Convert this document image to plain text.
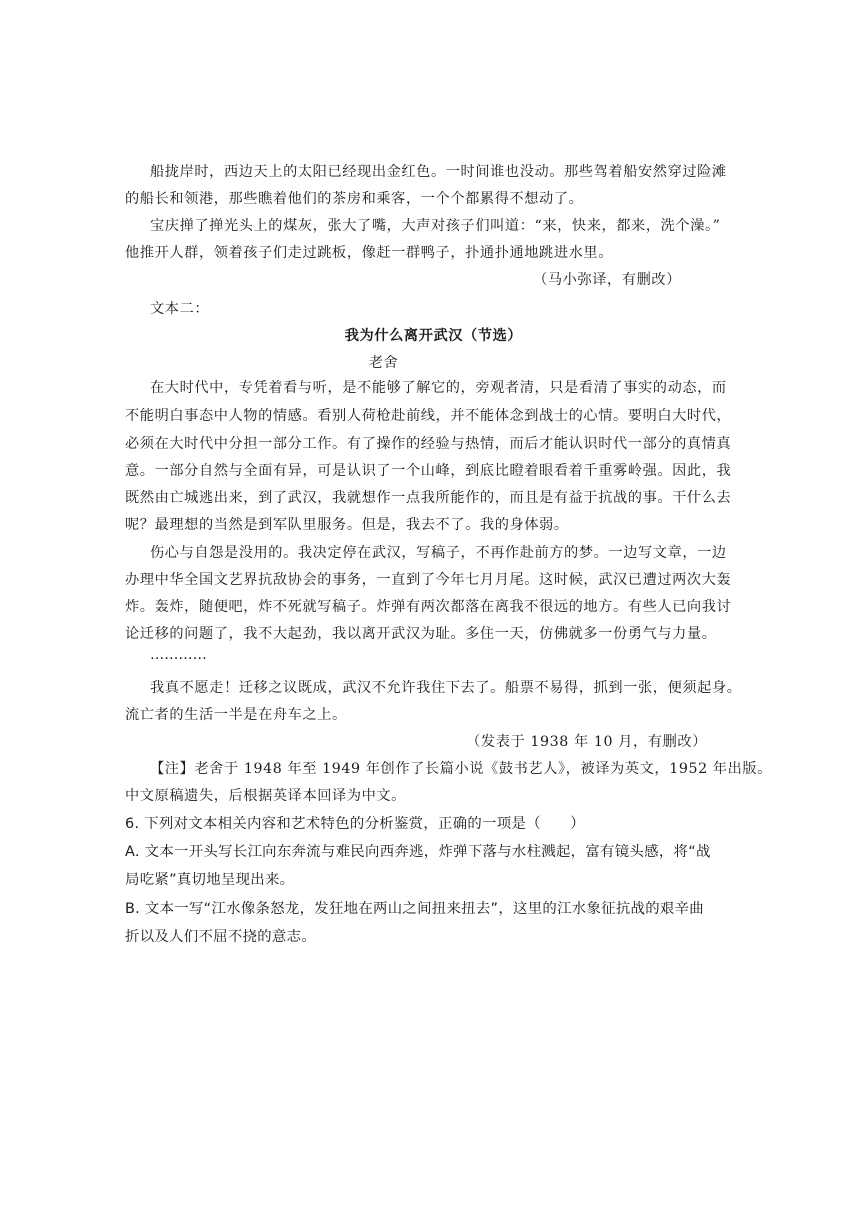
船拢岸时，西边天上的太阳已经现出金红色。一时间谁也没动。那些驾着船安然穿过险滩
的船长和领港，那些瞧着他们的茶房和乘客，一个个都累得不想动了。
宝庆掸了掸光头上的煤灰，张大了嘴，大声对孩子们叫道：“来，快来，都来，洗个澡。”
他推开人群，领着孩子们走过跳板，像赶一群鸭子，扑通扑通地跳进水里。
（马小弥译，有删改）
文本二：
我为什么离开武汉（节选）
老舍
在大时代中，专凭着看与听，是不能够了解它的，旁观者清，只是看清了事实的动态，而
不能明白事态中人物的情感。看别人荷枪赴前线，并不能体念到战士的心情。要明白大时代，
必须在大时代中分担一部分工作。有了操作的经验与热情，而后才能认识时代一部分的真情真
意。一部分自然与全面有异，可是认识了一个山峰，到底比瞪着眼看着千重雾岭强。因此，我
既然由亡城逃出来，到了武汉，我就想作一点我所能作的，而且是有益于抗战的事。干什么去
呢？最理想的当然是到军队里服务。但是，我去不了。我的身体弱。
伤心与自怨是没用的。我决定停在武汉，写稿子，不再作赴前方的梦。一边写文章，一边
办理中华全国文艺界抗敌协会的事务，一直到了今年七月月尾。这时候，武汉已遭过两次大轰
炸。轰炸，随便吧，炸不死就写稿子。炸弹有两次都落在离我不很远的地方。有些人已向我讨
论迁移的问题了，我不大起劲，我以离开武汉为耻。多住一天，仿佛就多一份勇气与力量。
…………
我真不愿走！迁移之议既成，武汉不允许我住下去了。船票不易得，抓到一张，便须起身。
流亡者的生活一半是在舟车之上。
（发表于 1938 年 10 月，有删改）
【注】老舍于 1948 年至 1949 年创作了长篇小说《鼓书艺人》，被译为英文，1952 年出版。
中文原稿遗失，后根据英译本回译为中文。
6. 下列对文本相关内容和艺术特色的分析鉴赏，正确的一项是（　　）
A. 文本一开头写长江向东奔流与难民向西奔逃，炸弹下落与水柱溅起，富有镜头感，将“战
局吃紧”真切地呈现出来。
B. 文本一写“江水像条怒龙，发狂地在两山之间扭来扭去”，这里的江水象征抗战的艰辛曲
折以及人们不屈不挠的意志。
